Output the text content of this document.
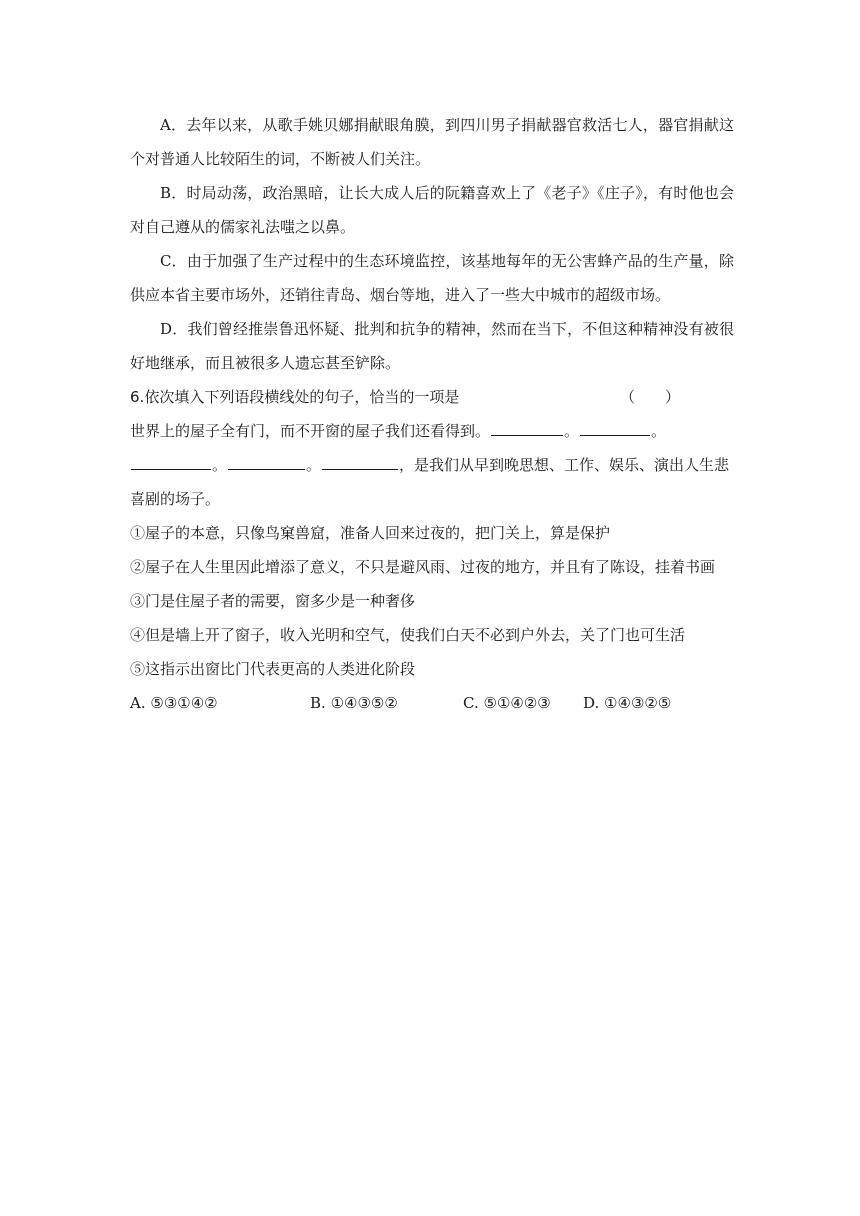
A．去年以来，从歌手姚贝娜捐献眼角膜，到四川男子捐献器官救活七人，器官捐献这个对普通人比较陌生的词，不断被人们关注。

B．时局动荡，政治黑暗，让长大成人后的阮籍喜欢上了《老子》《庄子》，有时他也会对自己遵从的儒家礼法嗤之以鼻。

C．由于加强了生产过程中的生态环境监控，该基地每年的无公害蜂产品的生产量，除供应本省主要市场外，还销往青岛、烟台等地，进入了一些大中城市的超级市场。

D．我们曾经推崇鲁迅怀疑、批判和抗争的精神，然而在当下，不但这种精神没有被很好地继承，而且被很多人遗忘甚至铲除。

6.依次填入下列语段横线处的句子，恰当的一项是	（　　）

世界上的屋子全有门，而不开窗的屋子我们还看得到。	。	。。	。	，是我们从早到晚思想、工作、娱乐、演出人生悲喜剧的场子。

①屋子的本意，只像鸟窠兽窟，准备人回来过夜的，把门关上，算是保护

②屋子在人生里因此增添了意义，不只是避风雨、过夜的地方，并且有了陈设，挂着书画

③门是住屋子者的需要，窗多少是一种奢侈

④但是墙上开了窗子，收入光明和空气，使我们白天不必到户外去，关了门也可生活

⑤这指示出窗比门代表更高的人类进化阶段

A. ⑤③①④②	B. ①④③⑤②	C. ⑤①④②③ D. ①④③②⑤
